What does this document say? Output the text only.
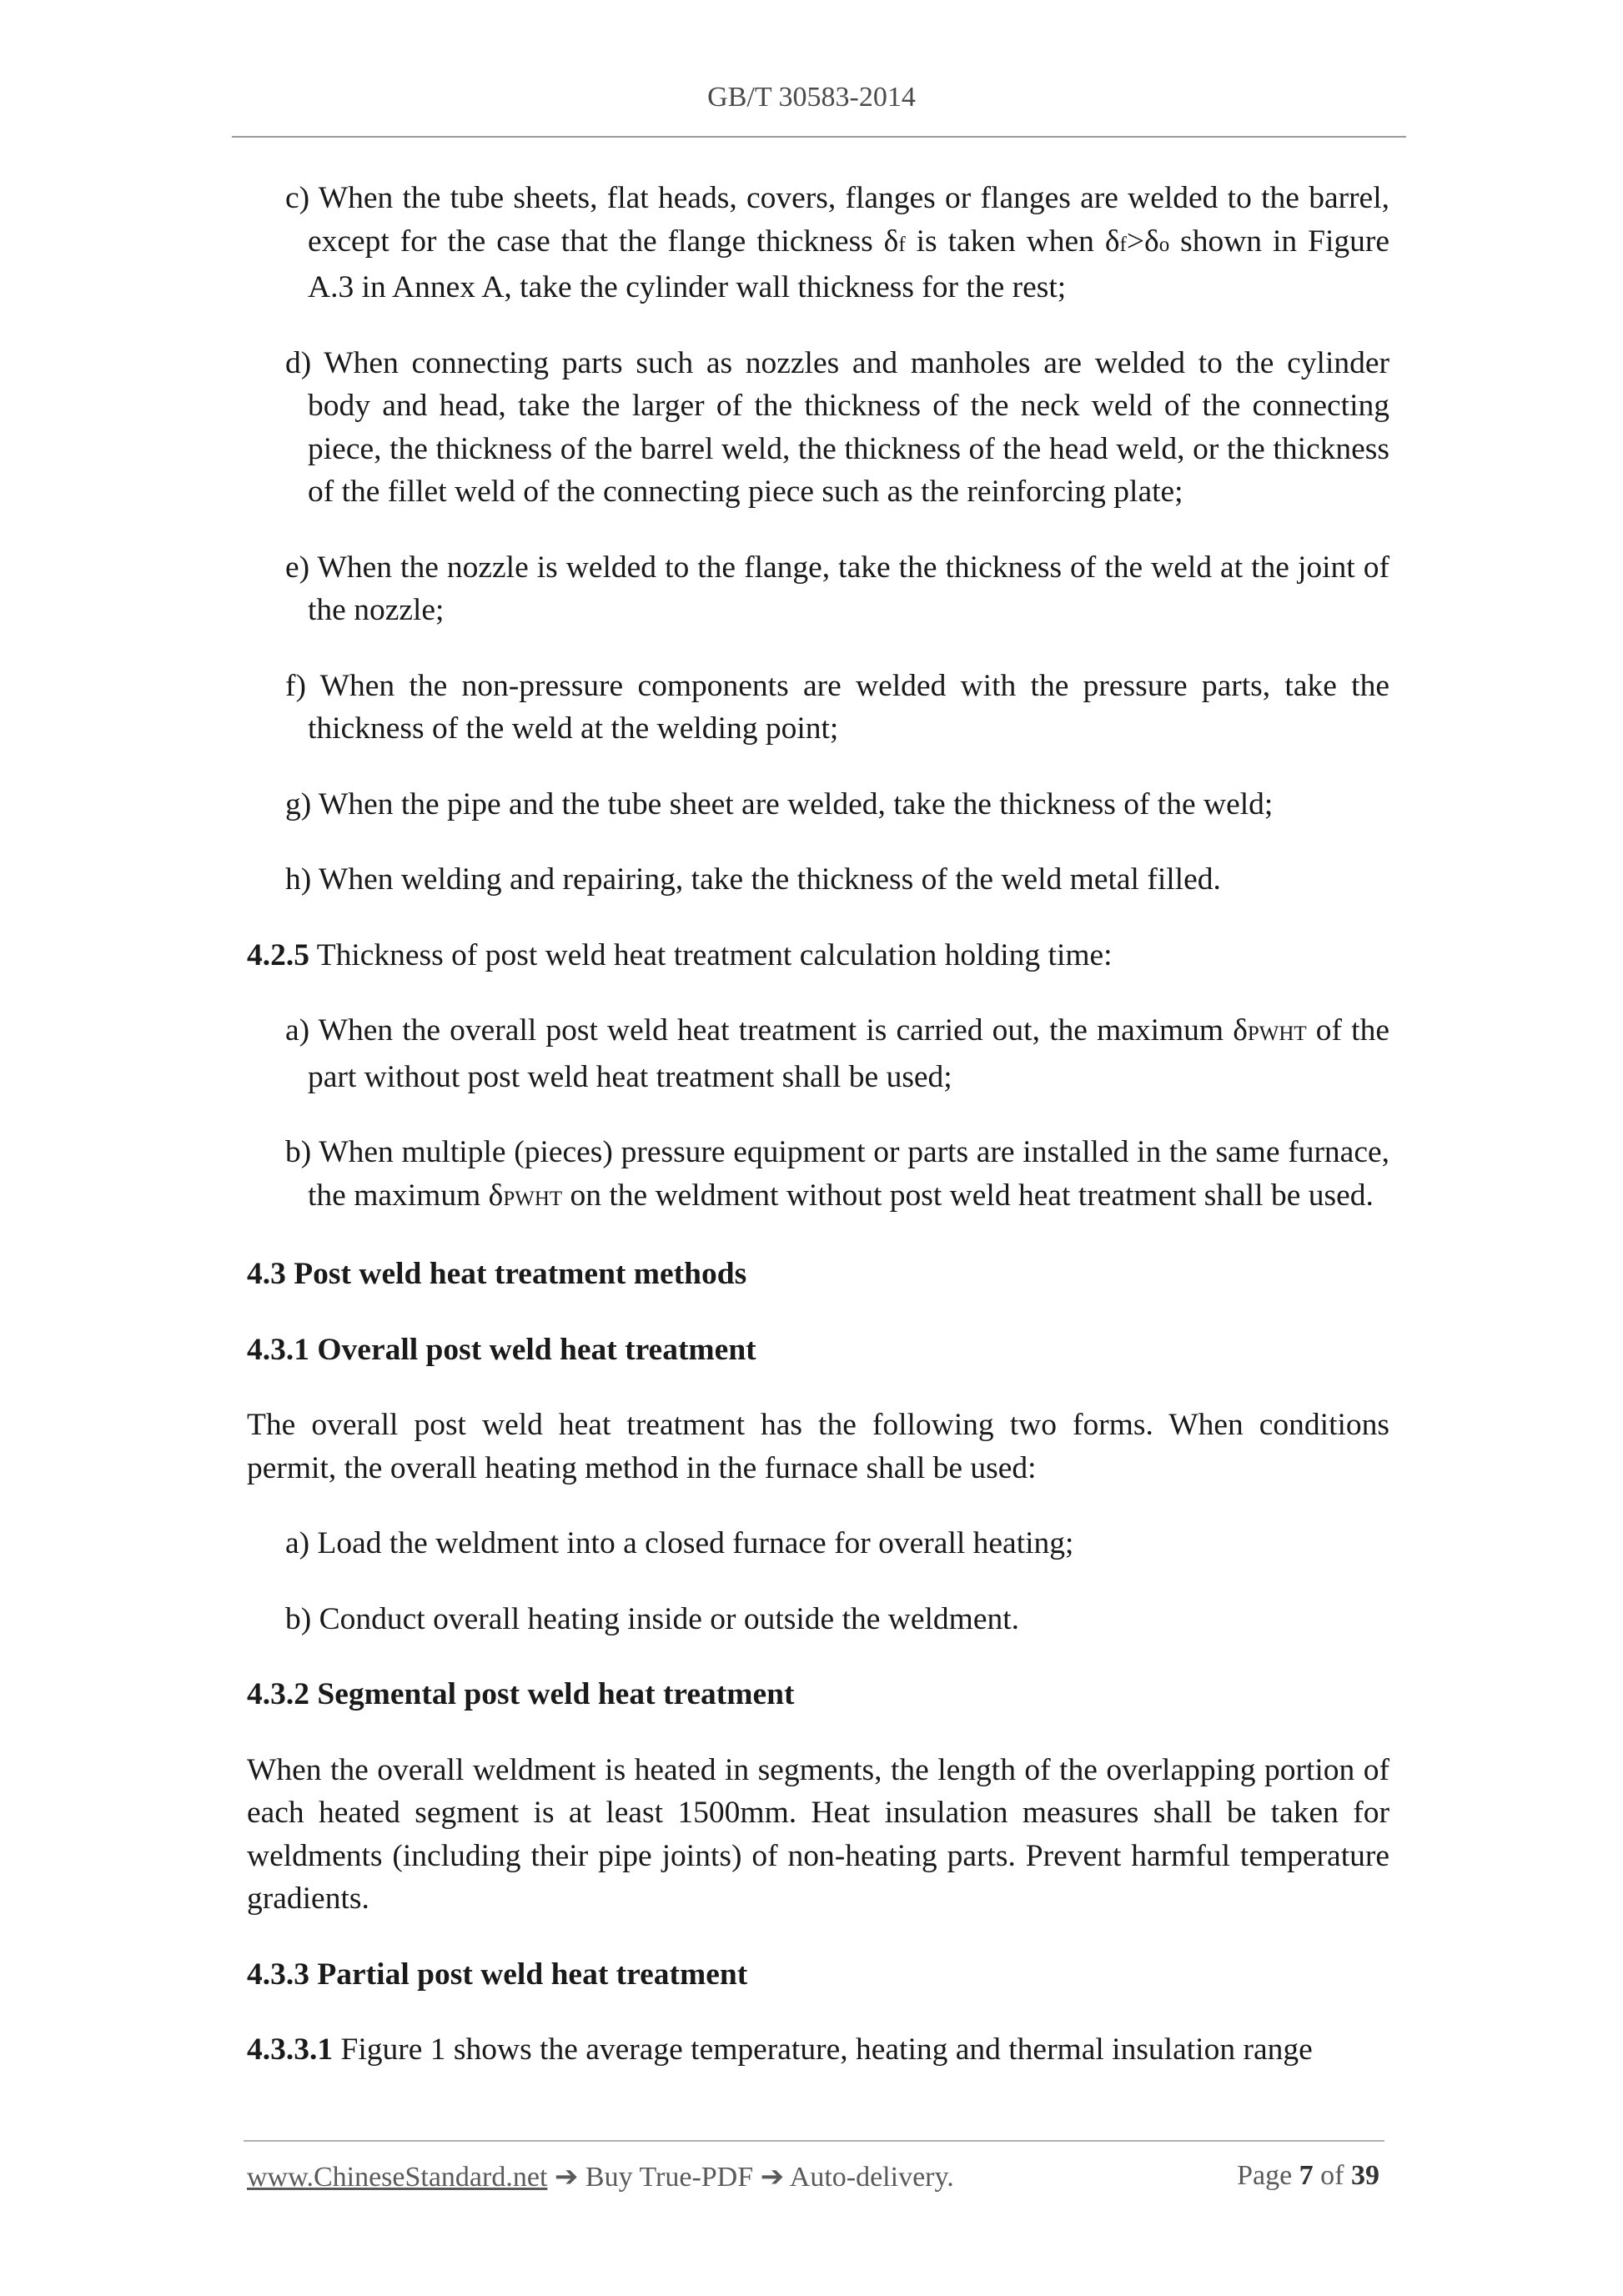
GB/T 30583-2014
c) When the tube sheets, flat heads, covers, flanges or flanges are welded to the barrel, except for the case that the flange thickness δf is taken when δf>δo shown in Figure A.3 in Annex A, take the cylinder wall thickness for the rest;
d) When connecting parts such as nozzles and manholes are welded to the cylinder body and head, take the larger of the thickness of the neck weld of the connecting piece, the thickness of the barrel weld, the thickness of the head weld, or the thickness of the fillet weld of the connecting piece such as the reinforcing plate;
e) When the nozzle is welded to the flange, take the thickness of the weld at the joint of the nozzle;
f) When the non-pressure components are welded with the pressure parts, take the thickness of the weld at the welding point;
g) When the pipe and the tube sheet are welded, take the thickness of the weld;
h) When welding and repairing, take the thickness of the weld metal filled.
4.2.5 Thickness of post weld heat treatment calculation holding time:
a) When the overall post weld heat treatment is carried out, the maximum δPWHT of the part without post weld heat treatment shall be used;
b) When multiple (pieces) pressure equipment or parts are installed in the same furnace, the maximum δPWHT on the weldment without post weld heat treatment shall be used.
4.3 Post weld heat treatment methods
4.3.1 Overall post weld heat treatment
The overall post weld heat treatment has the following two forms. When conditions permit, the overall heating method in the furnace shall be used:
a) Load the weldment into a closed furnace for overall heating;
b) Conduct overall heating inside or outside the weldment.
4.3.2 Segmental post weld heat treatment
When the overall weldment is heated in segments, the length of the overlapping portion of each heated segment is at least 1500mm. Heat insulation measures shall be taken for weldments (including their pipe joints) of non-heating parts. Prevent harmful temperature gradients.
4.3.3 Partial post weld heat treatment
4.3.3.1 Figure 1 shows the average temperature, heating and thermal insulation range
www.ChineseStandard.net ➔ Buy True-PDF ➔ Auto-delivery.	Page 7 of 39
